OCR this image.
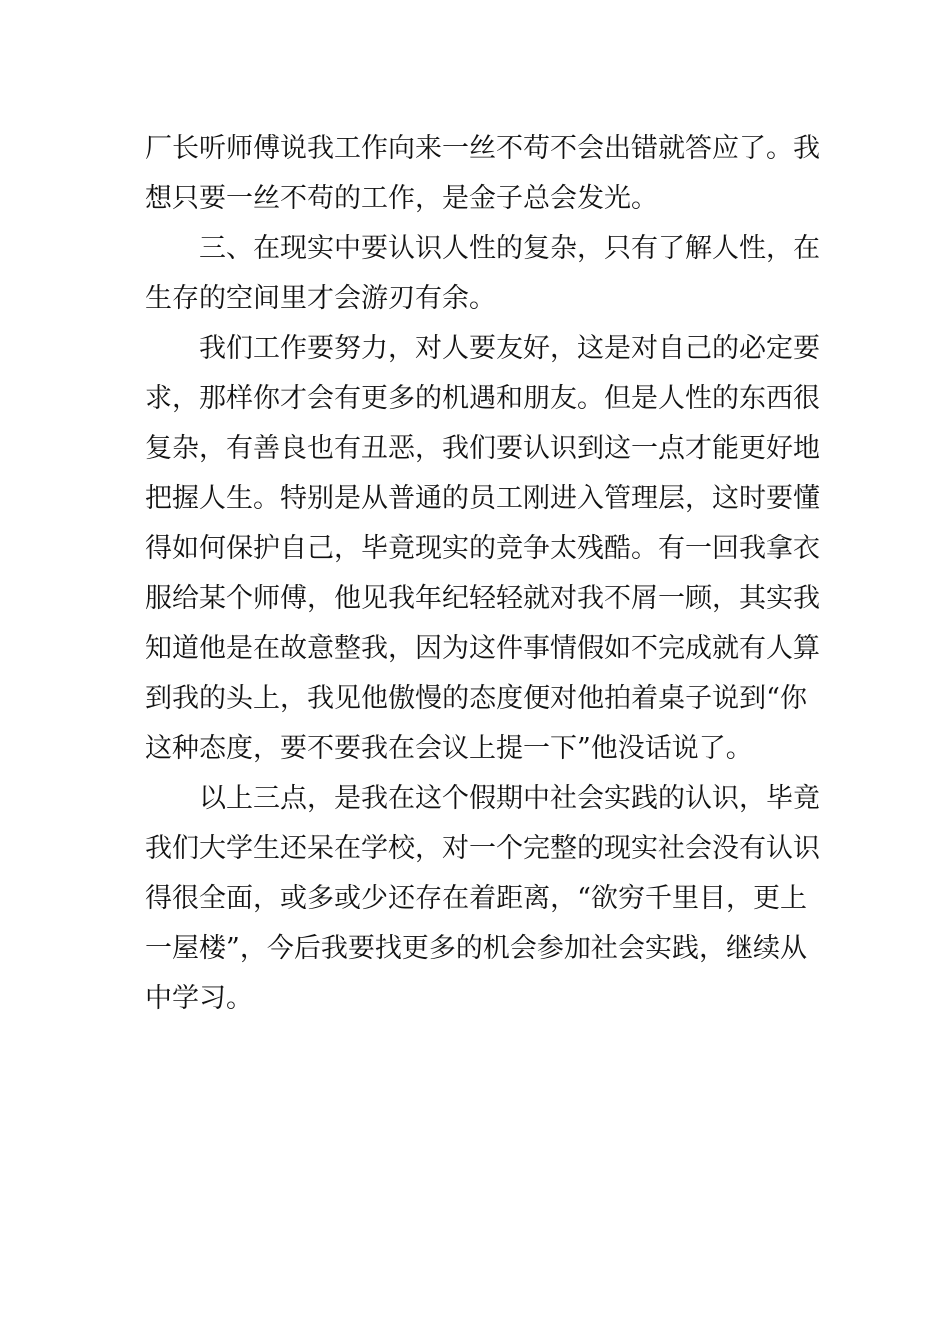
厂长听师傅说我工作向来一丝不苟不会出错就答应了。我
想只要一丝不苟的工作，是金子总会发光。
三、在现实中要认识人性的复杂，只有了解人性，在
生存的空间里才会游刃有余。
我们工作要努力，对人要友好，这是对自己的必定要
求，那样你才会有更多的机遇和朋友。但是人性的东西很
复杂，有善良也有丑恶，我们要认识到这一点才能更好地
把握人生。特别是从普通的员工刚进入管理层，这时要懂
得如何保护自己，毕竟现实的竞争太残酷。有一回我拿衣
服给某个师傅，他见我年纪轻轻就对我不屑一顾，其实我
知道他是在故意整我，因为这件事情假如不完成就有人算
到我的头上，我见他傲慢的态度便对他拍着桌子说到“你
这种态度，要不要我在会议上提一下”他没话说了。
以上三点，是我在这个假期中社会实践的认识，毕竟
我们大学生还呆在学校，对一个完整的现实社会没有认识
得很全面，或多或少还存在着距离，“欲穷千里目，更上
一屋楼”，今后我要找更多的机会参加社会实践，继续从
中学习。
